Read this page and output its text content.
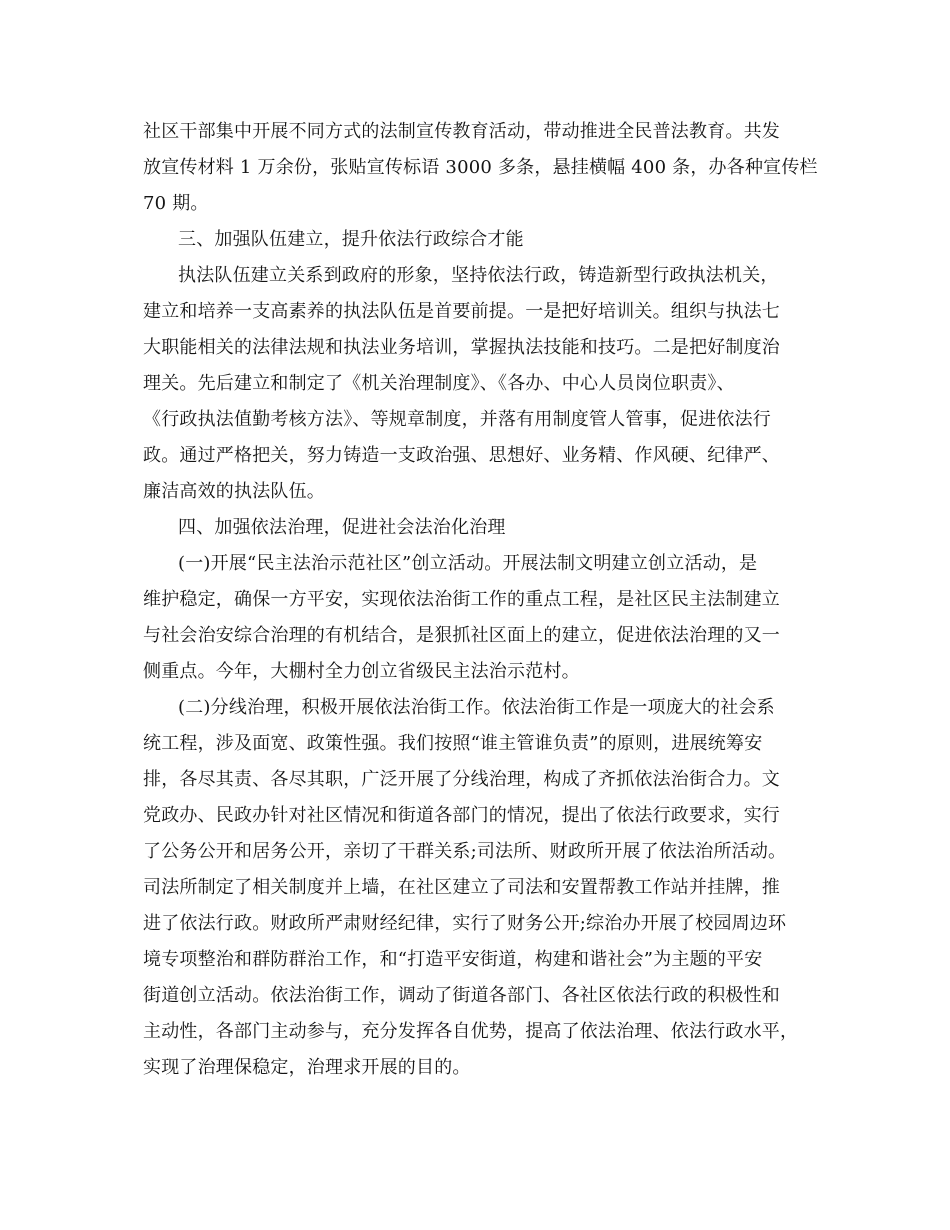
社区干部集中开展不同方式的法制宣传教育活动，带动推进全民普法教育。共发
放宣传材料 1 万余份，张贴宣传标语 3000 多条，悬挂横幅 400 条，办各种宣传栏
70 期。
三、加强队伍建立，提升依法行政综合才能
执法队伍建立关系到政府的形象，坚持依法行政，铸造新型行政执法机关，
建立和培养一支高素养的执法队伍是首要前提。一是把好培训关。组织与执法七
大职能相关的法律法规和执法业务培训，掌握执法技能和技巧。二是把好制度治
理关。先后建立和制定了《机关治理制度》、《各办、中心人员岗位职责》、
《行政执法值勤考核方法》、等规章制度，并落有用制度管人管事，促进依法行
政。通过严格把关，努力铸造一支政治强、思想好、业务精、作风硬、纪律严、
廉洁高效的执法队伍。
四、加强依法治理，促进社会法治化治理
(一)开展“民主法治示范社区”创立活动。开展法制文明建立创立活动，是
维护稳定，确保一方平安，实现依法治街工作的重点工程，是社区民主法制建立
与社会治安综合治理的有机结合，是狠抓社区面上的建立，促进依法治理的又一
侧重点。今年，大棚村全力创立省级民主法治示范村。
(二)分线治理，积极开展依法治街工作。依法治街工作是一项庞大的社会系
统工程，涉及面宽、政策性强。我们按照“谁主管谁负责”的原则，进展统筹安
排，各尽其责、各尽其职，广泛开展了分线治理，构成了齐抓依法治街合力。文
党政办、民政办针对社区情况和街道各部门的情况，提出了依法行政要求，实行
了公务公开和居务公开，亲切了干群关系;司法所、财政所开展了依法治所活动。
司法所制定了相关制度并上墙，在社区建立了司法和安置帮教工作站并挂牌，推
进了依法行政。财政所严肃财经纪律，实行了财务公开;综治办开展了校园周边环
境专项整治和群防群治工作，和“打造平安街道，构建和谐社会”为主题的平安
街道创立活动。依法治街工作，调动了街道各部门、各社区依法行政的积极性和
主动性，各部门主动参与，充分发挥各自优势，提高了依法治理、依法行政水平，
实现了治理保稳定，治理求开展的目的。
